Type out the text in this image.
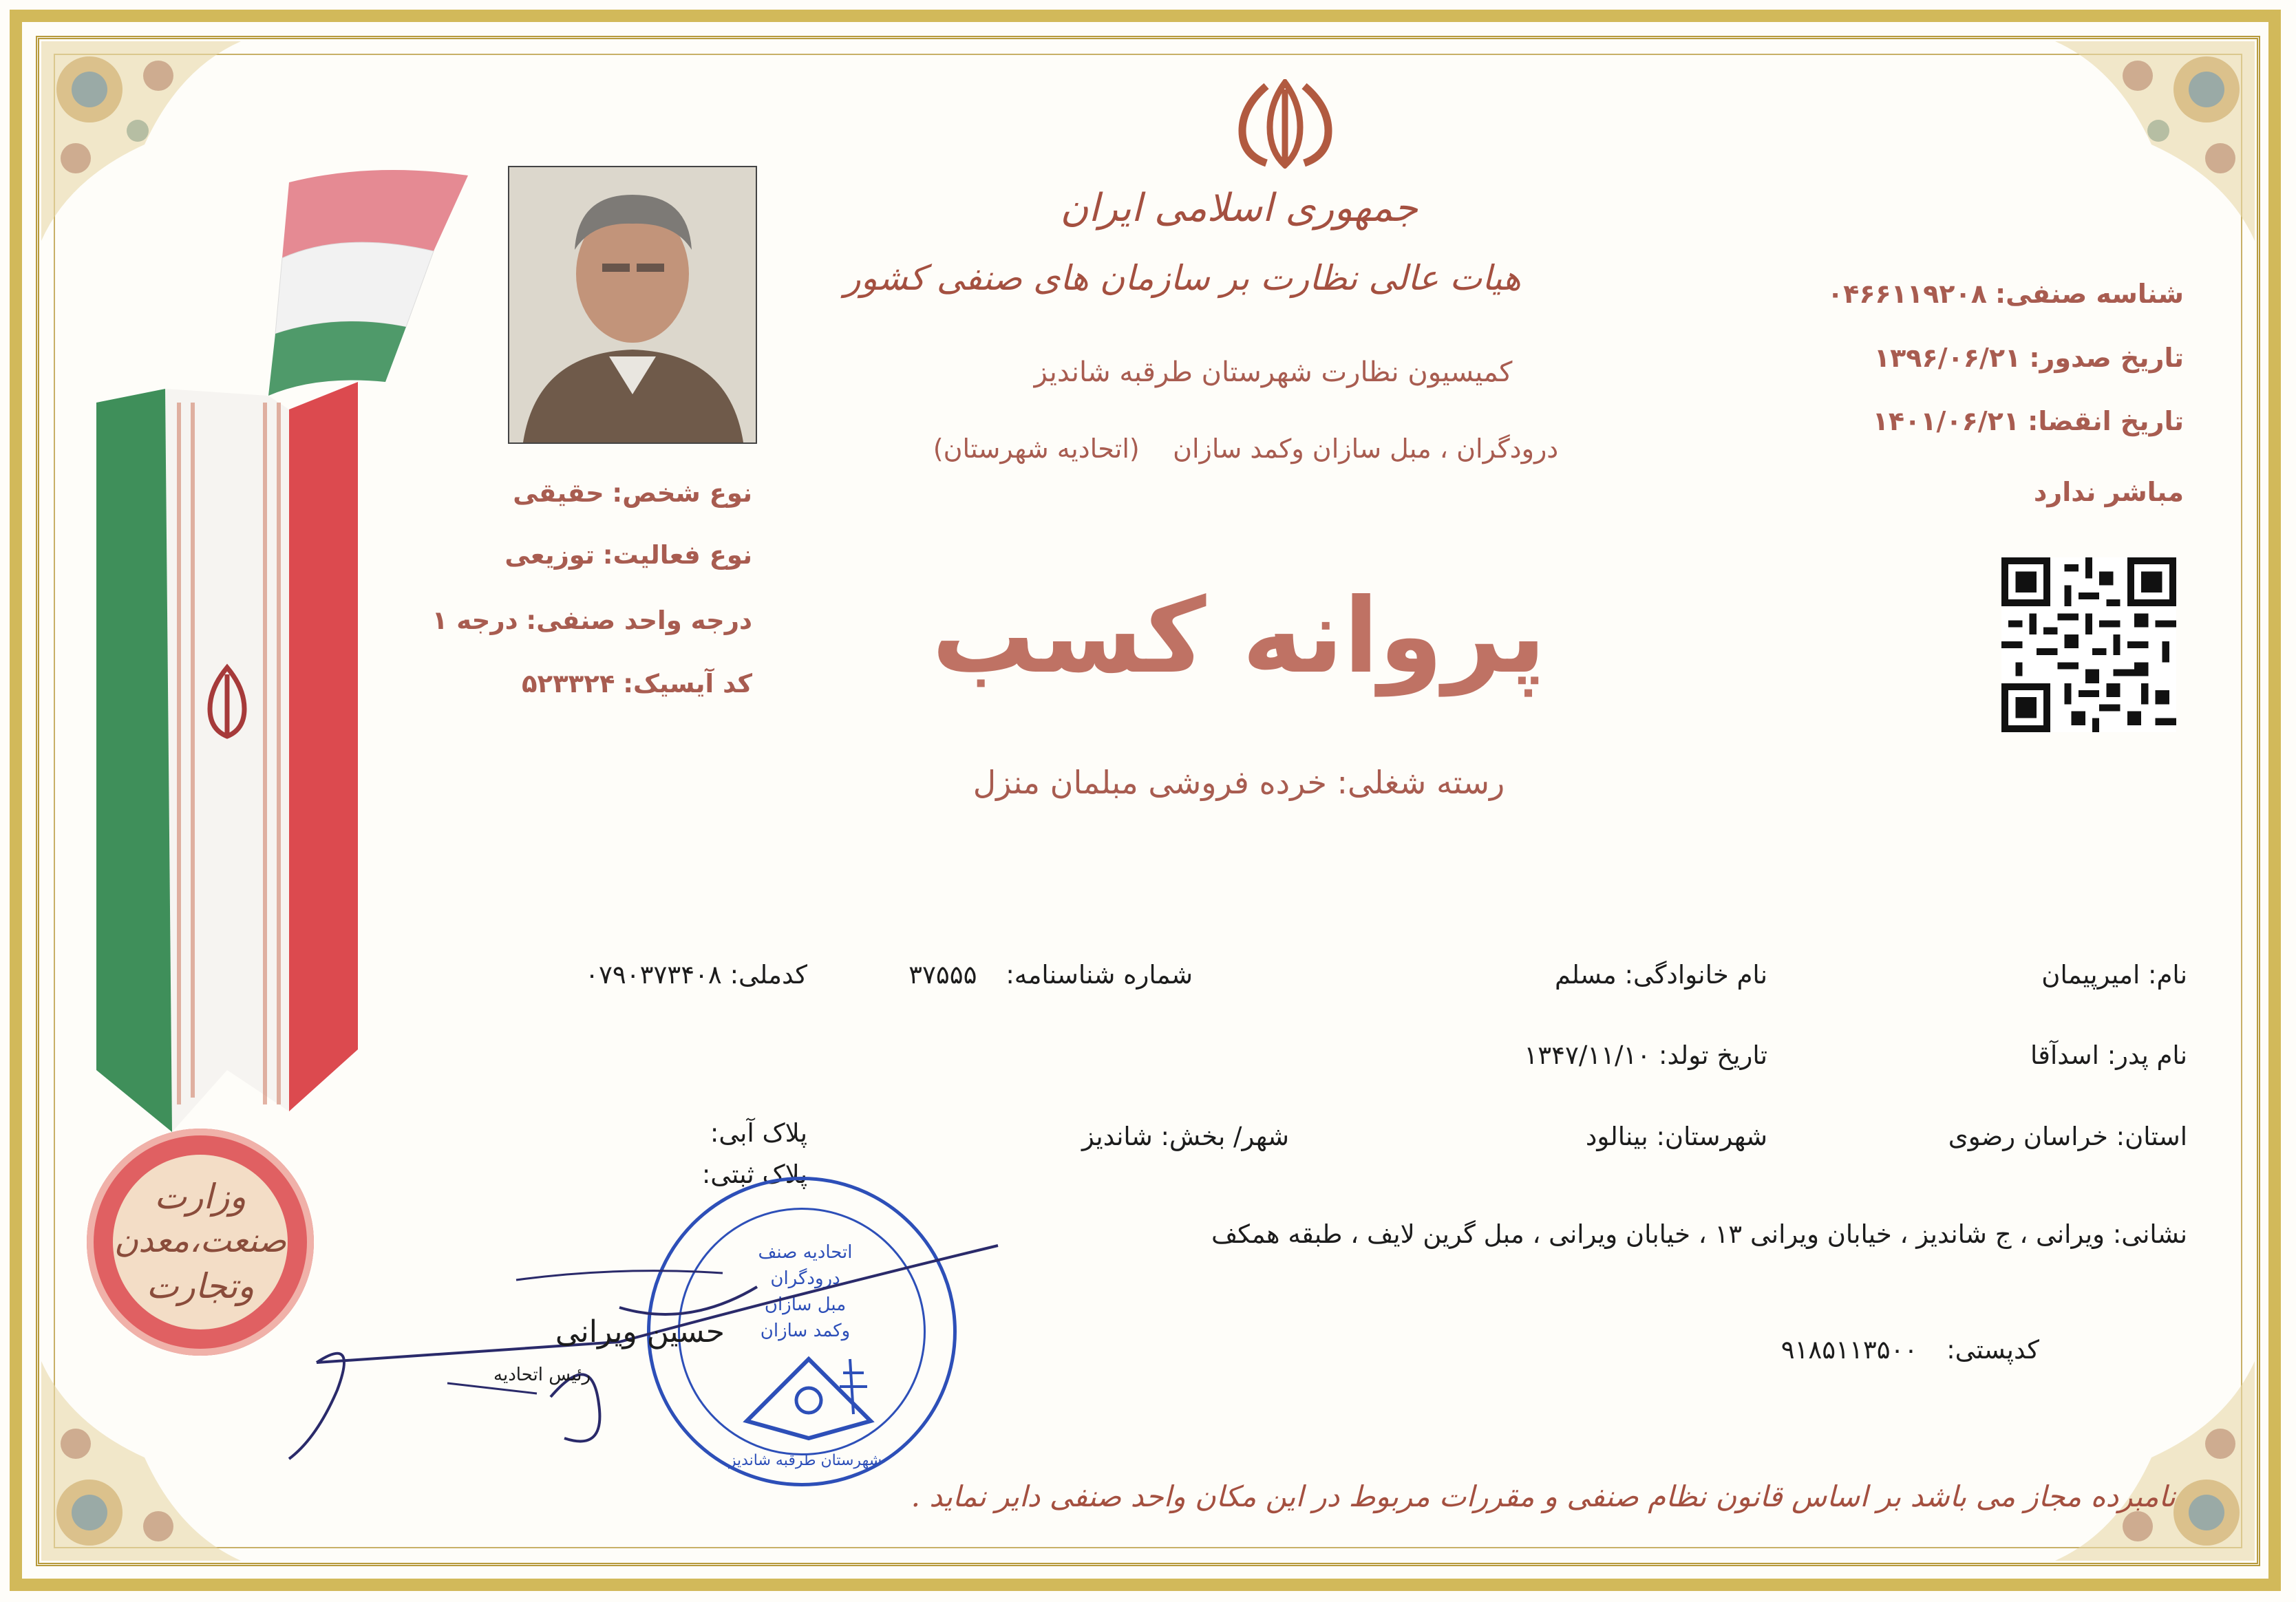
وزارت
صنعت،معدن
وتجارت
جمهوری اسلامی ایران
هیات عالی نظارت بر سازمان های صنفی کشور
کمیسیون نظارت شهرستان طرقبه شاندیز
درودگران ، مبل سازان وکمد سازان    (اتحادیه شهرستان)
پروانه کسب
رسته شغلی: خرده فروشی مبلمان منزل
شناسه صنفی: ۰۴۶۶۱۱۹۲۰۸
تاریخ صدور: ۱۳۹۶/۰۶/۲۱
تاریخ انقضا: ۱۴۰۱/۰۶/۲۱
مباشر ندارد
نوع شخص: حقیقی
نوع فعالیت: توزیعی
درجه واحد صنفی: درجه ۱
کد آیسیک: ۵۲۳۳۲۴
نام: امیرپیمان
نام خانوادگی: مسلم
شماره شناسنامه: ۳۷۵۵۵
کدملی: ۰۷۹۰۳۷۳۴۰۸
نام پدر: اسدآقا
تاریخ تولد: ۱۳۴۷/۱۱/۱۰
استان: خراسان رضوی
شهرستان: بینالود
شهر/ بخش: شاندیز
پلاک آبی:
پلاک ثبتی:
نشانی: ویرانی ، ج شاندیز ، خیابان ویرانی ۱۳ ، خیابان ویرانی ، مبل گرین لایف ، طبقه همکف
کدپستی: ۹۱۸۵۱۱۳۵۰۰
اتحادیه صنف
درودگران
مبل سازان
وکمد سازان
شهرستان طرقبه شاندیز
حسین ویرانی
رئیس اتحادیه
نامبرده مجاز می باشد بر اساس قانون نظام صنفی و مقررات مربوط در این مکان واحد صنفی دایر نماید .
